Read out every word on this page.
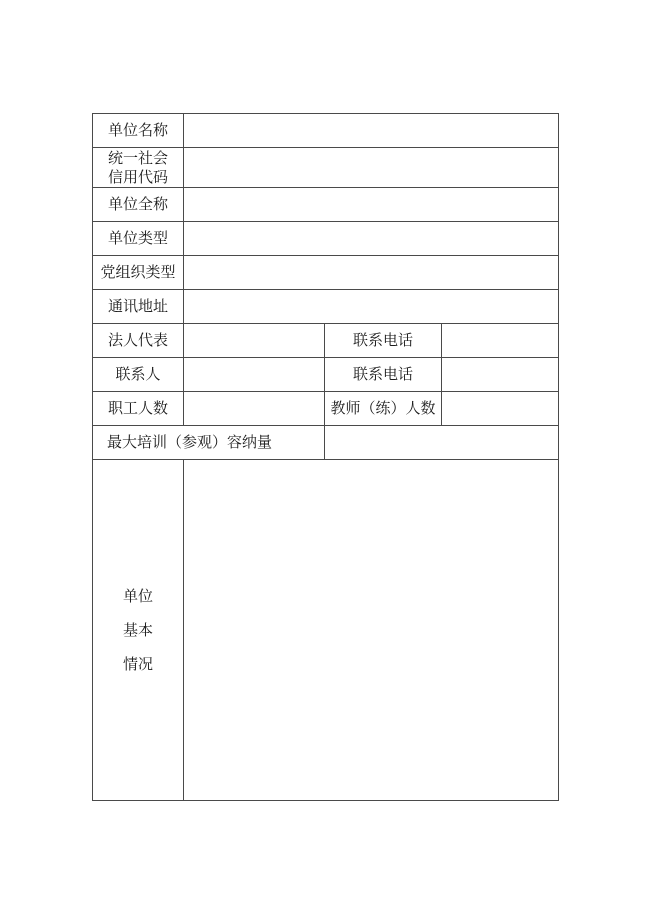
单位名称			

统一社会
信用代码			

单位全称			
单位类型			
党组织类型			
通讯地址			
法人代表		联系电话	
联系人		联系电话	
职工人数		教师（练）人数	
最大培训（参观）容纳量			

单位
基本
情况			
